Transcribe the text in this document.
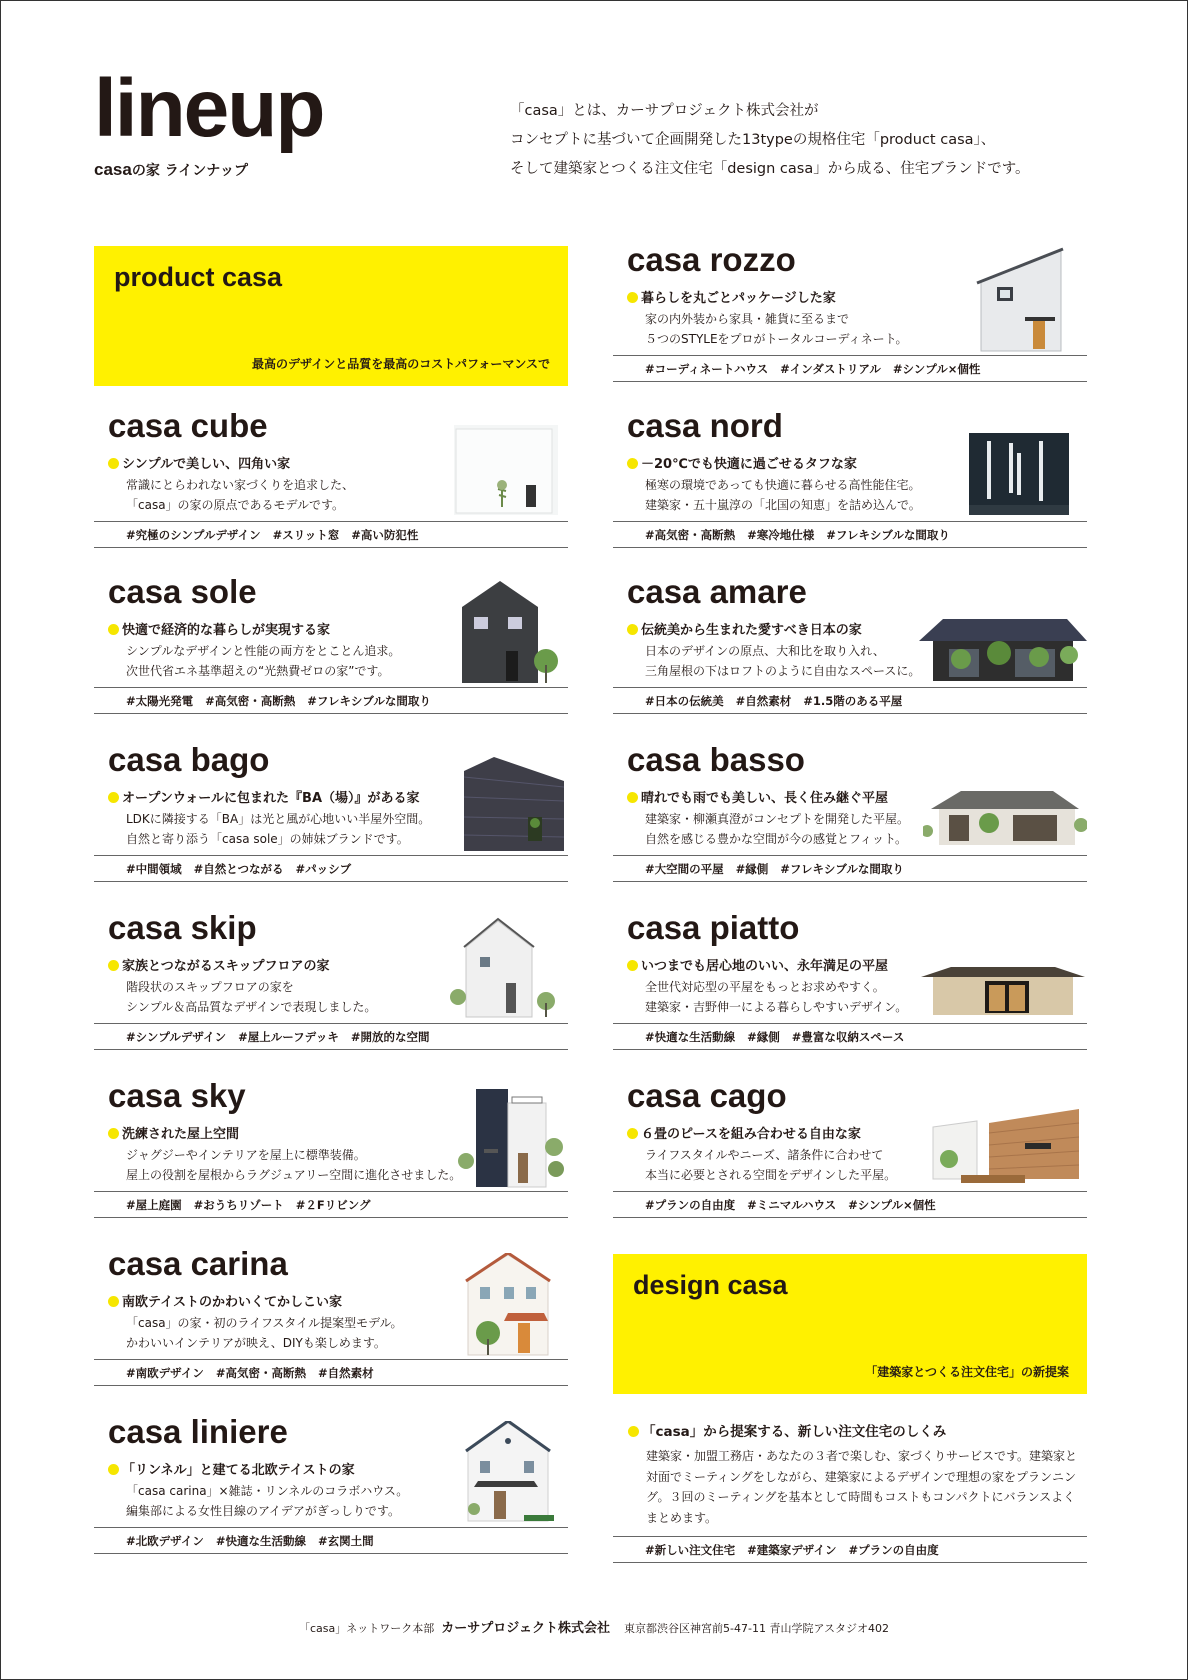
lineup
casaの家 ラインナップ
「casa」とは、カーサプロジェクト株式会社が
コンセプトに基づいて企画開発した13typeの規格住宅「product casa」、
そして建築家とつくる注文住宅「design casa」から成る、住宅ブランドです。
product casa
最高のデザインと品質を最高のコストパフォーマンスで
casa cube
シンプルで美しい、四角い家
常識にとらわれない家づくりを追求した、
「casa」の家の原点であるモデルです。
#究極のシンプルデザイン #スリット窓 #高い防犯性
casa sole
快適で経済的な暮らしが実現する家
シンプルなデザインと性能の両方をとことん追求。
次世代省エネ基準超えの“光熱費ゼロの家”です。
#太陽光発電 #高気密・高断熱 #フレキシブルな間取り
casa bago
オープンウォールに包まれた『BA（場）』がある家
LDKに隣接する「BA」は光と風が心地いい半屋外空間。
自然と寄り添う「casa sole」の姉妹ブランドです。
#中間領域 #自然とつながる #パッシブ
casa skip
家族とつながるスキップフロアの家
階段状のスキップフロアの家を
シンプル＆高品質なデザインで表現しました。
#シンプルデザイン #屋上ルーフデッキ #開放的な空間
casa sky
洗練された屋上空間
ジャグジーやインテリアを屋上に標準装備。
屋上の役割を屋根からラグジュアリー空間に進化させました。
#屋上庭園 #おうちリゾート #２Fリビング
casa carina
南欧テイストのかわいくてかしこい家
「casa」の家・初のライフスタイル提案型モデル。
かわいいインテリアが映え、DIYも楽しめます。
#南欧デザイン #高気密・高断熱 #自然素材
casa liniere
「リンネル」と建てる北欧テイストの家
「casa carina」×雑誌・リンネルのコラボハウス。
編集部による女性目線のアイデアがぎっしりです。
#北欧デザイン #快適な生活動線 #玄関土間
casa rozzo
暮らしを丸ごとパッケージした家
家の内外装から家具・雑貨に至るまで
５つのSTYLEをプロがトータルコーディネート。
#コーディネートハウス #インダストリアル #シンプル×個性
casa nord
－20℃でも快適に過ごせるタフな家
極寒の環境であっても快適に暮らせる高性能住宅。
建築家・五十嵐淳の「北国の知恵」を詰め込んで。
#高気密・高断熱 #寒冷地仕様 #フレキシブルな間取り
casa amare
伝統美から生まれた愛すべき日本の家
日本のデザインの原点、大和比を取り入れ、
三角屋根の下はロフトのように自由なスペースに。
#日本の伝統美 #自然素材 #1.5階のある平屋
casa basso
晴れでも雨でも美しい、長く住み継ぐ平屋
建築家・柳瀬真澄がコンセプトを開発した平屋。
自然を感じる豊かな空間が今の感覚とフィット。
#大空間の平屋 #縁側 #フレキシブルな間取り
casa piatto
いつまでも居心地のいい、永年満足の平屋
全世代対応型の平屋をもっとお求めやすく。
建築家・吉野伸一による暮らしやすいデザイン。
#快適な生活動線 #縁側 #豊富な収納スペース
casa cago
６畳のピースを組み合わせる自由な家
ライフスタイルやニーズ、諸条件に合わせて
本当に必要とされる空間をデザインした平屋。
#プランの自由度 #ミニマルハウス #シンプル×個性
design casa
「建築家とつくる注文住宅」の新提案
「casa」から提案する、新しい注文住宅のしくみ
建築家・加盟工務店・あなたの３者で楽しむ、家づくりサービスです。建築家と対面でミーティングをしながら、建築家によるデザインで理想の家をプランニング。３回のミーティングを基本として時間もコストもコンパクトにバランスよくまとめます。
#新しい注文住宅 #建築家デザイン #プランの自由度
「casa」ネットワーク本部 カーサプロジェクト株式会社 東京都渋谷区神宮前5-47-11 青山学院アスタジオ402
